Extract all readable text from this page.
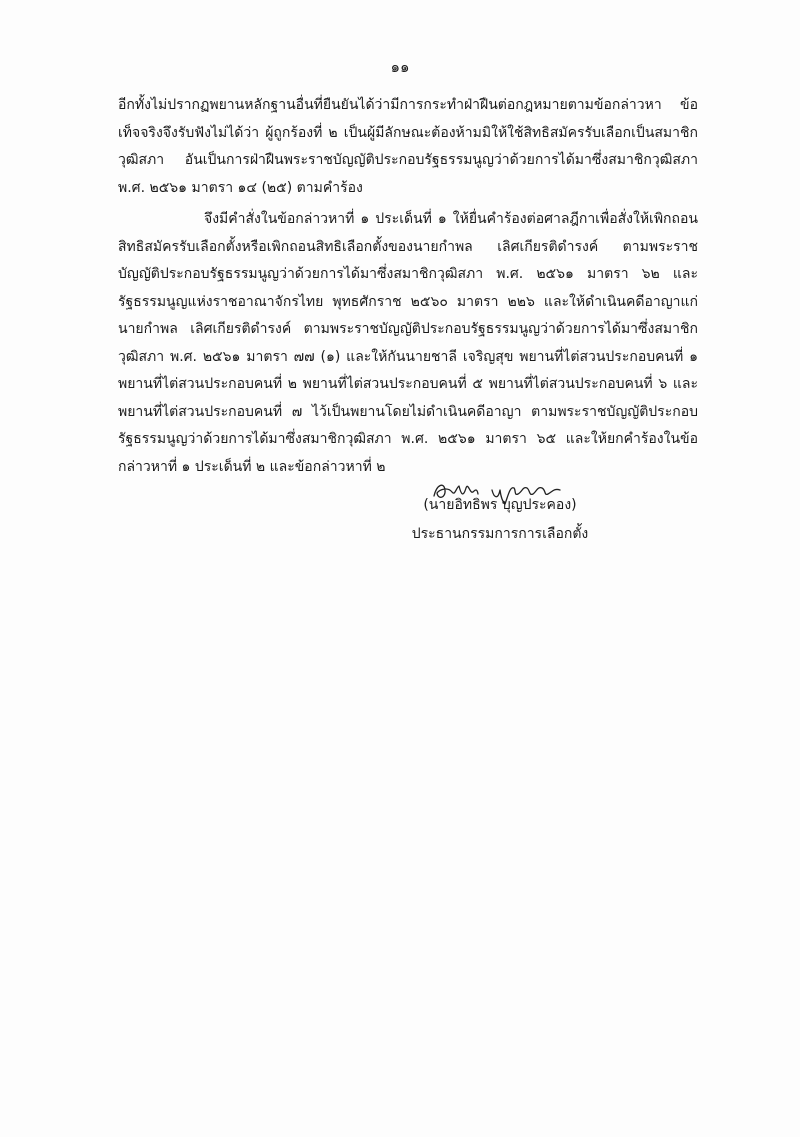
๑๑

อีกทั้งไม่ปรากฏพยานหลักฐานอื่นที่ยืนยันได้ว่ามีการกระทำฝ่าฝืนต่อกฎหมายตามข้อกล่าวหา ข้อเท็จจริงจึงรับฟังไม่ได้ว่า ผู้ถูกร้องที่ ๒ เป็นผู้มีลักษณะต้องห้ามมิให้ใช้สิทธิสมัครรับเลือกเป็นสมาชิกวุฒิสภา อันเป็นการฝ่าฝืนพระราชบัญญัติประกอบรัฐธรรมนูญว่าด้วยการได้มาซึ่งสมาชิกวุฒิสภา พ.ศ. ๒๕๖๑ มาตรา ๑๔ (๒๕) ตามคำร้อง

จึงมีคำสั่งในข้อกล่าวหาที่ ๑ ประเด็นที่ ๑ ให้ยื่นคำร้องต่อศาลฎีกาเพื่อสั่งให้เพิกถอนสิทธิสมัครรับเลือกตั้งหรือเพิกถอนสิทธิเลือกตั้งของนายกำพล เลิศเกียรติดำรงค์ ตามพระราชบัญญัติประกอบรัฐธรรมนูญว่าด้วยการได้มาซึ่งสมาชิกวุฒิสภา พ.ศ. ๒๕๖๑ มาตรา ๖๒ และรัฐธรรมนูญแห่งราชอาณาจักรไทย พุทธศักราช ๒๕๖๐ มาตรา ๒๒๖ และให้ดำเนินคดีอาญาแก่นายกำพล เลิศเกียรติดำรงค์ ตามพระราชบัญญัติประกอบรัฐธรรมนูญว่าด้วยการได้มาซึ่งสมาชิกวุฒิสภา พ.ศ. ๒๕๖๑ มาตรา ๗๗ (๑) และให้กันนายชาลี เจริญสุข พยานที่ไต่สวนประกอบคนที่ ๑ พยานที่ไต่สวนประกอบคนที่ ๒ พยานที่ไต่สวนประกอบคนที่ ๕ พยานที่ไต่สวนประกอบคนที่ ๖ และพยานที่ไต่สวนประกอบคนที่ ๗ ไว้เป็นพยานโดยไม่ดำเนินคดีอาญา ตามพระราชบัญญัติประกอบรัฐธรรมนูญว่าด้วยการได้มาซึ่งสมาชิกวุฒิสภา พ.ศ. ๒๕๖๑ มาตรา ๖๕ และให้ยกคำร้องในข้อกล่าวหาที่ ๑ ประเด็นที่ ๒ และข้อกล่าวหาที่ ๒

(นายอิทธิพร บุญประคอง)
ประธานกรรมการการเลือกตั้ง
